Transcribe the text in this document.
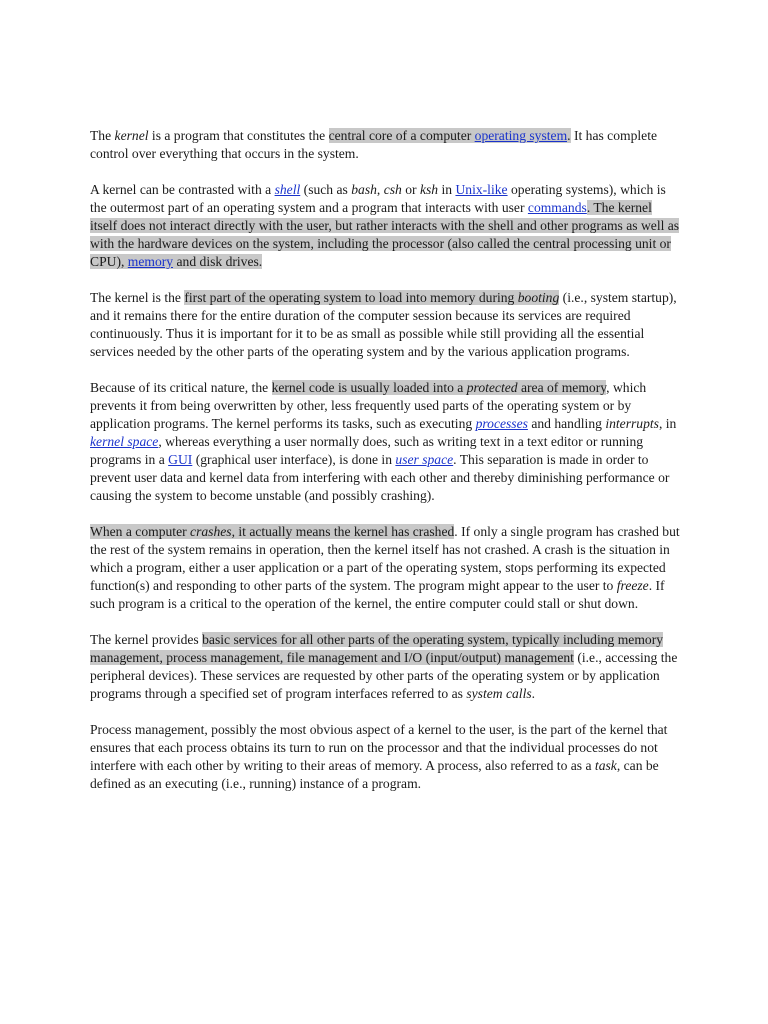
The kernel is a program that constitutes the central core of a computer operating system. It has complete control over everything that occurs in the system.

A kernel can be contrasted with a shell (such as bash, csh or ksh in Unix-like operating systems), which is the outermost part of an operating system and a program that interacts with user commands. The kernel itself does not interact directly with the user, but rather interacts with the shell and other programs as well as with the hardware devices on the system, including the processor (also called the central processing unit or CPU), memory and disk drives.

The kernel is the first part of the operating system to load into memory during booting (i.e., system startup), and it remains there for the entire duration of the computer session because its services are required continuously. Thus it is important for it to be as small as possible while still providing all the essential services needed by the other parts of the operating system and by the various application programs.

Because of its critical nature, the kernel code is usually loaded into a protected area of memory, which prevents it from being overwritten by other, less frequently used parts of the operating system or by application programs. The kernel performs its tasks, such as executing processes and handling interrupts, in kernel space, whereas everything a user normally does, such as writing text in a text editor or running programs in a GUI (graphical user interface), is done in user space. This separation is made in order to prevent user data and kernel data from interfering with each other and thereby diminishing performance or causing the system to become unstable (and possibly crashing).

When a computer crashes, it actually means the kernel has crashed. If only a single program has crashed but the rest of the system remains in operation, then the kernel itself has not crashed. A crash is the situation in which a program, either a user application or a part of the operating system, stops performing its expected function(s) and responding to other parts of the system. The program might appear to the user to freeze. If such program is a critical to the operation of the kernel, the entire computer could stall or shut down.

The kernel provides basic services for all other parts of the operating system, typically including memory management, process management, file management and I/O (input/output) management (i.e., accessing the peripheral devices). These services are requested by other parts of the operating system or by application programs through a specified set of program interfaces referred to as system calls.

Process management, possibly the most obvious aspect of a kernel to the user, is the part of the kernel that ensures that each process obtains its turn to run on the processor and that the individual processes do not interfere with each other by writing to their areas of memory. A process, also referred to as a task, can be defined as an executing (i.e., running) instance of a program.
